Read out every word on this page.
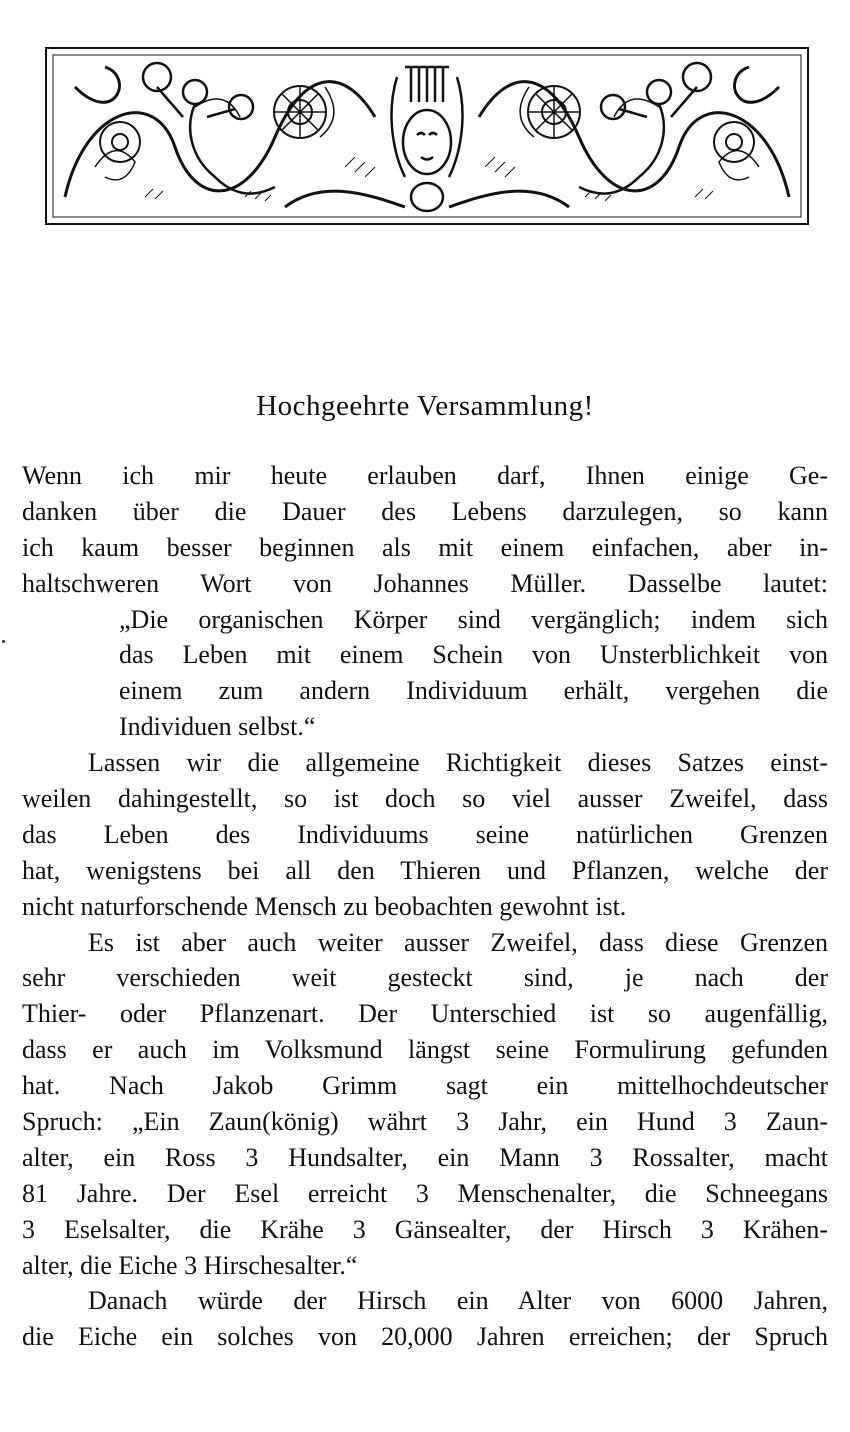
Hochgeehrte Versammlung!
Wenn ich mir heute erlauben darf, Ihnen einige Ge-
danken über die Dauer des Lebens darzulegen, so kann
ich kaum besser beginnen als mit einem einfachen, aber in-
haltschweren Wort von Johannes Müller. Dasselbe lautet:
„Die organischen Körper sind vergänglich; indem sich
das Leben mit einem Schein von Unsterblichkeit von
einem zum andern Individuum erhält, vergehen die
Individuen selbst.“
Lassen wir die allgemeine Richtigkeit dieses Satzes einst-
weilen dahingestellt, so ist doch so viel ausser Zweifel, dass
das Leben des Individuums seine natürlichen Grenzen
hat, wenigstens bei all den Thieren und Pflanzen, welche der
nicht naturforschende Mensch zu beobachten gewohnt ist.
Es ist aber auch weiter ausser Zweifel, dass diese Grenzen
sehr verschieden weit gesteckt sind, je nach der
Thier- oder Pflanzenart. Der Unterschied ist so augenfällig,
dass er auch im Volksmund längst seine Formulirung gefunden
hat. Nach Jakob Grimm sagt ein mittelhochdeutscher
Spruch: „Ein Zaun(könig) währt 3 Jahr, ein Hund 3 Zaun-
alter, ein Ross 3 Hundsalter, ein Mann 3 Rossalter, macht
81 Jahre. Der Esel erreicht 3 Menschenalter, die Schneegans
3 Eselsalter, die Krähe 3 Gänsealter, der Hirsch 3 Krähen-
alter, die Eiche 3 Hirschesalter.“
Danach würde der Hirsch ein Alter von 6000 Jahren,
die Eiche ein solches von 20,000 Jahren erreichen; der Spruch
